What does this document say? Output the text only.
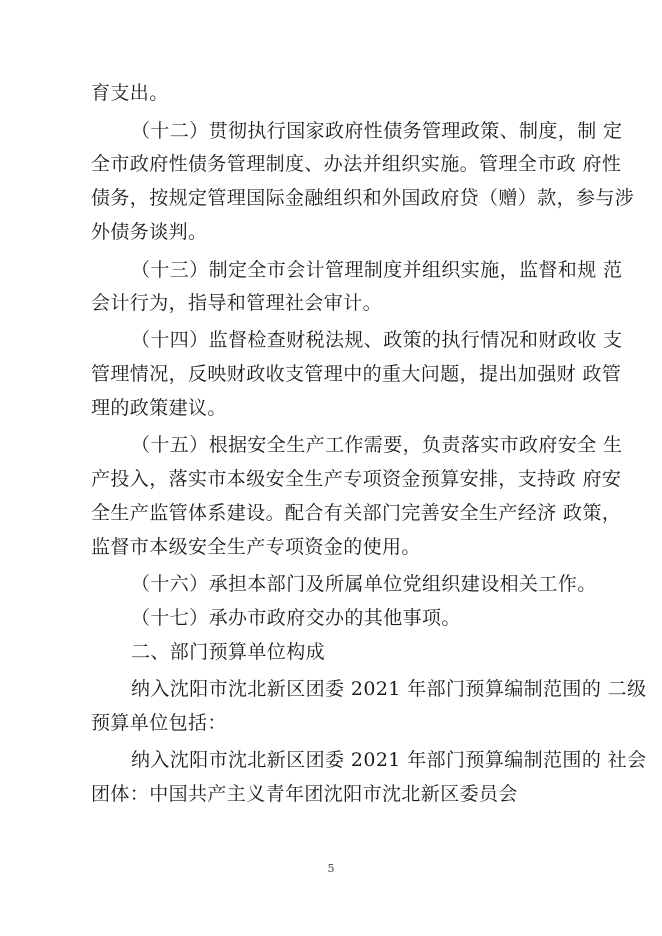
育支出。
（十二）贯彻执行国家政府性债务管理政策、制度，制 定
全市政府性债务管理制度、办法并组织实施。管理全市政 府性
债务，按规定管理国际金融组织和外国政府贷（赠）款，参与涉
外债务谈判。
（十三）制定全市会计管理制度并组织实施，监督和规 范
会计行为，指导和管理社会审计。
（十四）监督检查财税法规、政策的执行情况和财政收 支
管理情况，反映财政收支管理中的重大问题，提出加强财 政管
理的政策建议。
（十五）根据安全生产工作需要，负责落实市政府安全 生
产投入，落实市本级安全生产专项资金预算安排，支持政 府安
全生产监管体系建设。配合有关部门完善安全生产经济 政策，
监督市本级安全生产专项资金的使用。
（十六）承担本部门及所属单位党组织建设相关工作。
（十七）承办市政府交办的其他事项。
二、部门预算单位构成
纳入沈阳市沈北新区团委 2021 年部门预算编制范围的 二级
预算单位包括：
纳入沈阳市沈北新区团委 2021 年部门预算编制范围的 社会
团体：中国共产主义青年团沈阳市沈北新区委员会
5
